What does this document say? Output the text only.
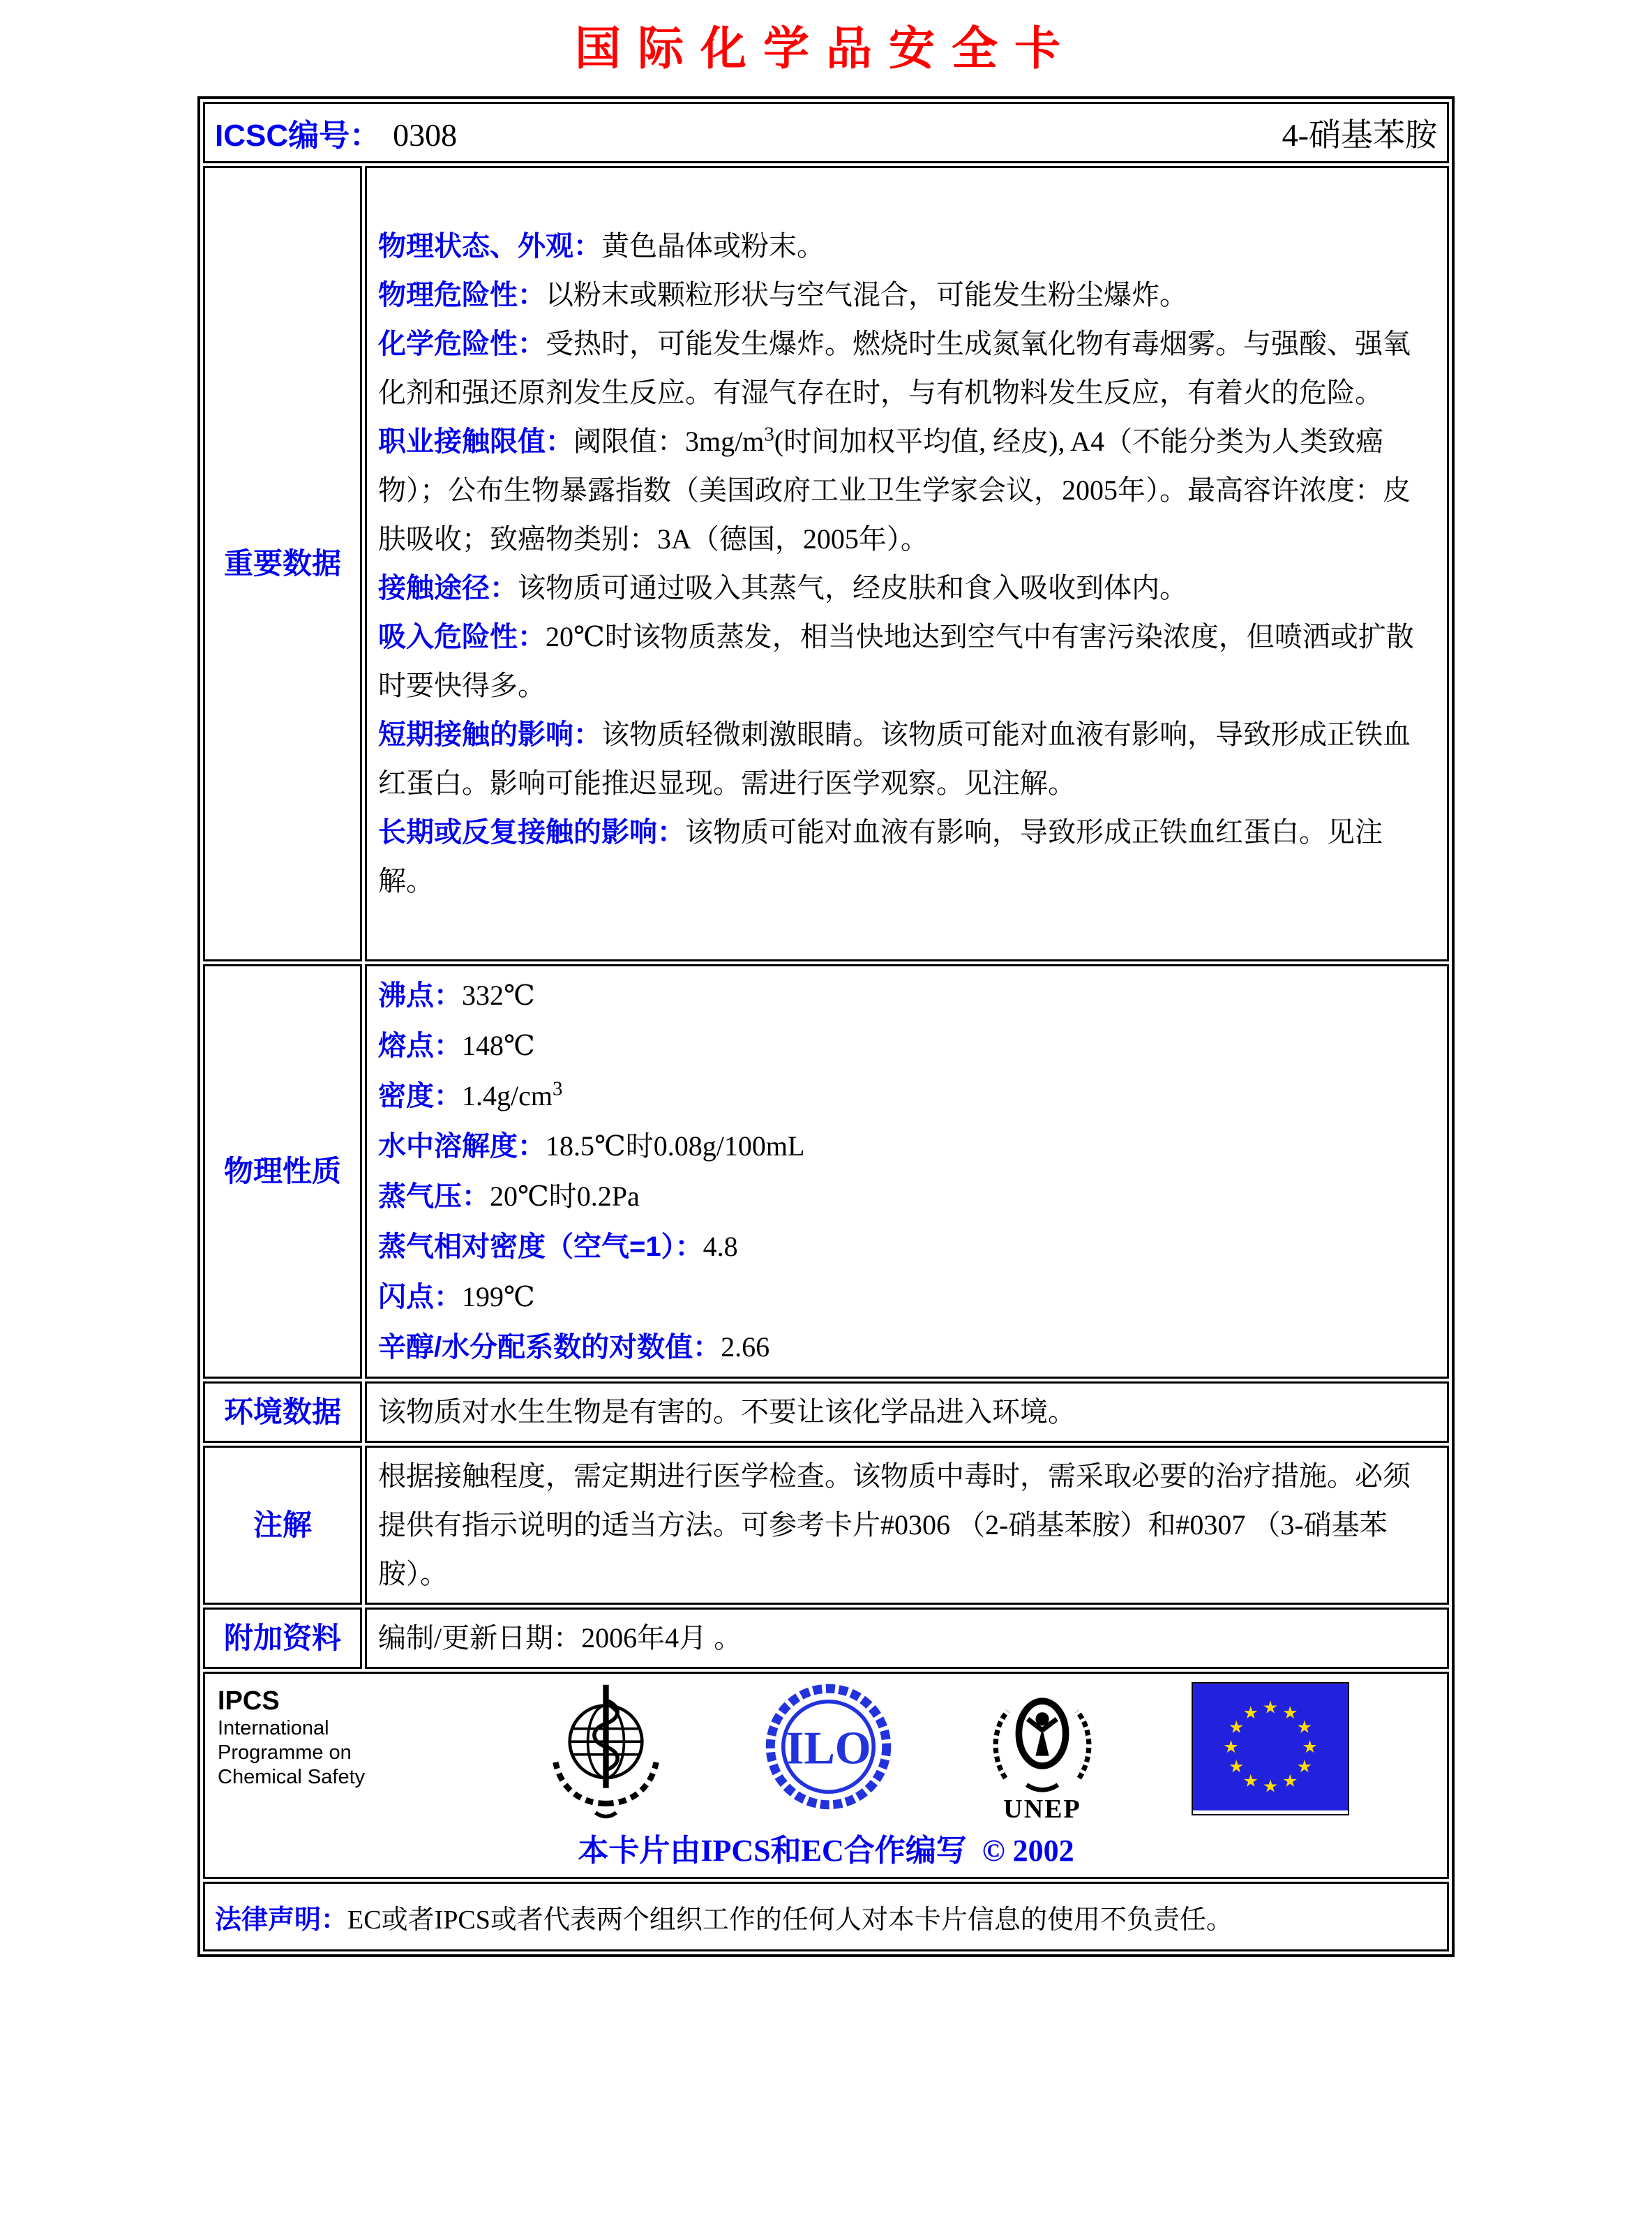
国际化学品安全卡
ICSC编号： 0308 4-硝基苯胺	

重要数据	
物理状态、外观：黄色晶体或粉末。
物理危险性：以粉末或颗粒形状与空气混合，可能发生粉尘爆炸。
化学危险性：受热时，可能发生爆炸。燃烧时生成氮氧化物有毒烟雾。与强酸、强氧化剂和强还原剂发生反应。有湿气存在时，与有机物料发生反应，有着火的危险。
职业接触限值：阈限值：$3mg/m^3$(时间加权平均值, 经皮), A4（不能分类为人类致癌物）；公布生物暴露指数（美国政府工业卫生学家会议，2005年）。最高容许浓度：皮肤吸收；致癌物类别：3A（德国，2005年）。
接触途径：该物质可通过吸入其蒸气，经皮肤和食入吸收到体内。
吸入危险性：20℃时该物质蒸发，相当快地达到空气中有害污染浓度，但喷洒或扩散时要快得多。
短期接触的影响：该物质轻微刺激眼睛。该物质可能对血液有影响，导致形成正铁血红蛋白。影响可能推迟显现。需进行医学观察。见注解。
长期或反复接触的影响：该物质可能对血液有影响，导致形成正铁血红蛋白。见注解。

物理性质	
沸点：332℃
熔点：148℃
密度：$1.4g/cm^3$
水中溶解度：18.5℃时0.08g/100mL
蒸气压：20℃时0.2Pa
蒸气相对密度（空气=1）：4.8
闪点：199℃
辛醇/水分配系数的对数值：2.66

环境数据	该物质对水生生物是有害的。不要让该化学品进入环境。
注解	根据接触程度，需定期进行医学检查。该物质中毒时，需采取必要的治疗措施。必须提供有指示说明的适当方法。可参考卡片#0306 （2-硝基苯胺）和#0307 （3-硝基苯胺）。
附加资料	编制/更新日期：2006年4月 。

IPCS
International
Programme on
Chemical Safety
ILO
UNEP
本卡片由IPCS和EC合作编写 © 2002

法律声明：EC或者IPCS或者代表两个组织工作的任何人对本卡片信息的使用不负责任。	
